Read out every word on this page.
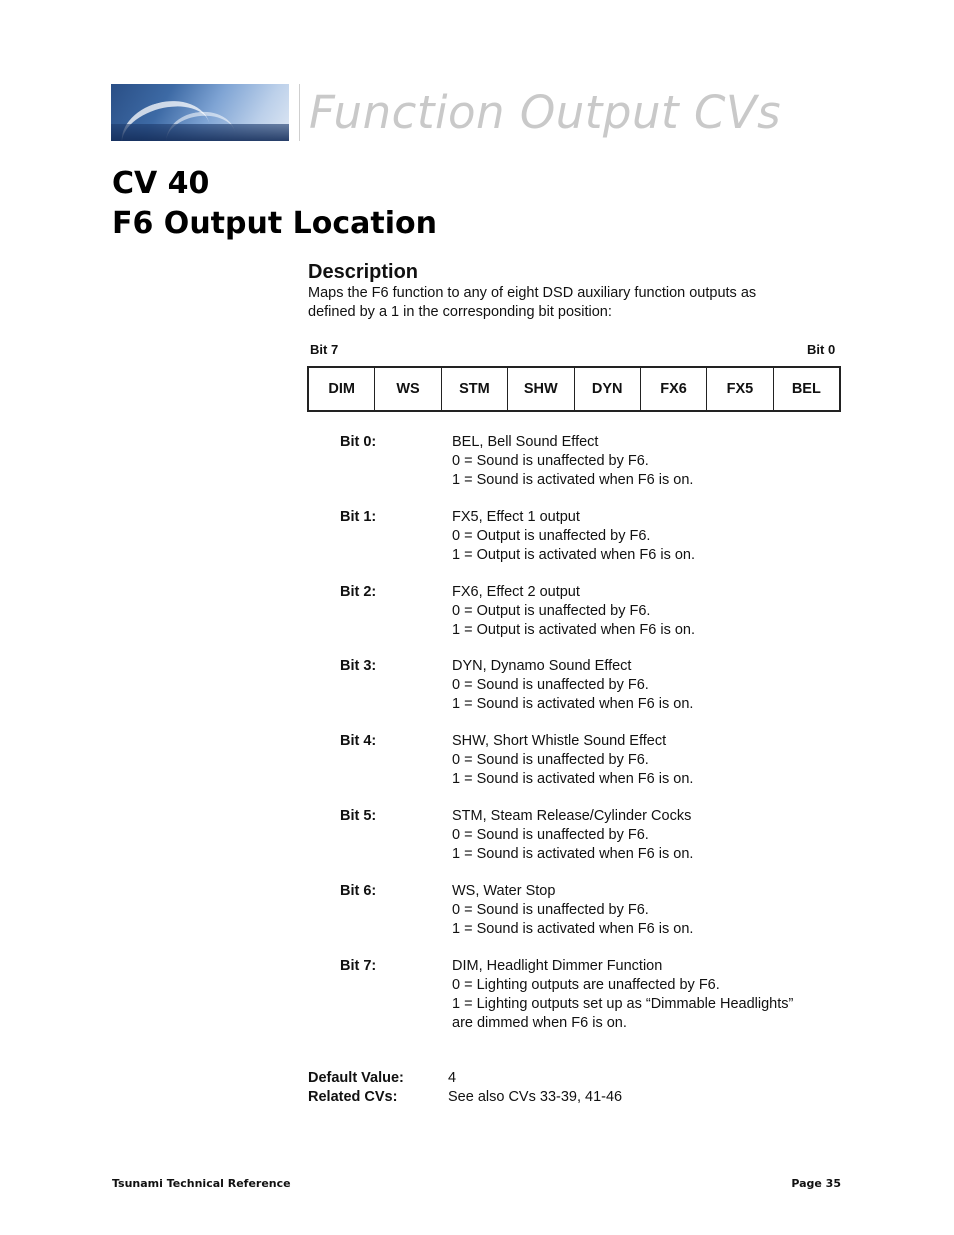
Function Output CVs
CV 40
F6 Output Location
Description
Maps the F6 function to any of eight DSD auxiliary function outputs as
defined by a 1 in the corresponding bit position:
Bit 7	Bit 0
DIM	WS	STM	SHW	DYN	FX6	FX5	BEL
Bit 0:	BEL, Bell Sound Effect
0 = Sound is unaffected by F6.
1 = Sound is activated when F6 is on.
Bit 1:	FX5, Effect 1 output
0 = Output is unaffected by F6.
1 = Output is activated when F6 is on.
Bit 2:	FX6, Effect 2 output
0 = Output is unaffected by F6.
1 = Output is activated when F6 is on.
Bit 3:	DYN, Dynamo Sound Effect
0 = Sound is unaffected by F6.
1 = Sound is activated when F6 is on.
Bit 4:	SHW, Short Whistle Sound Effect
0 = Sound is unaffected by F6.
1 = Sound is activated when F6 is on.
Bit 5:	STM, Steam Release/Cylinder Cocks
0 = Sound is unaffected by F6.
1 = Sound is activated when F6 is on.
Bit 6:	WS, Water Stop
0 = Sound is unaffected by F6.
1 = Sound is activated when F6 is on.
Bit 7:	DIM, Headlight Dimmer Function
0 = Lighting outputs are unaffected by F6.
1 = Lighting outputs set up as “Dimmable Headlights”
are dimmed when F6 is on.
Default Value:	4
Related CVs:	See also CVs 33-39, 41-46
Tsunami Technical Reference	Page 35
